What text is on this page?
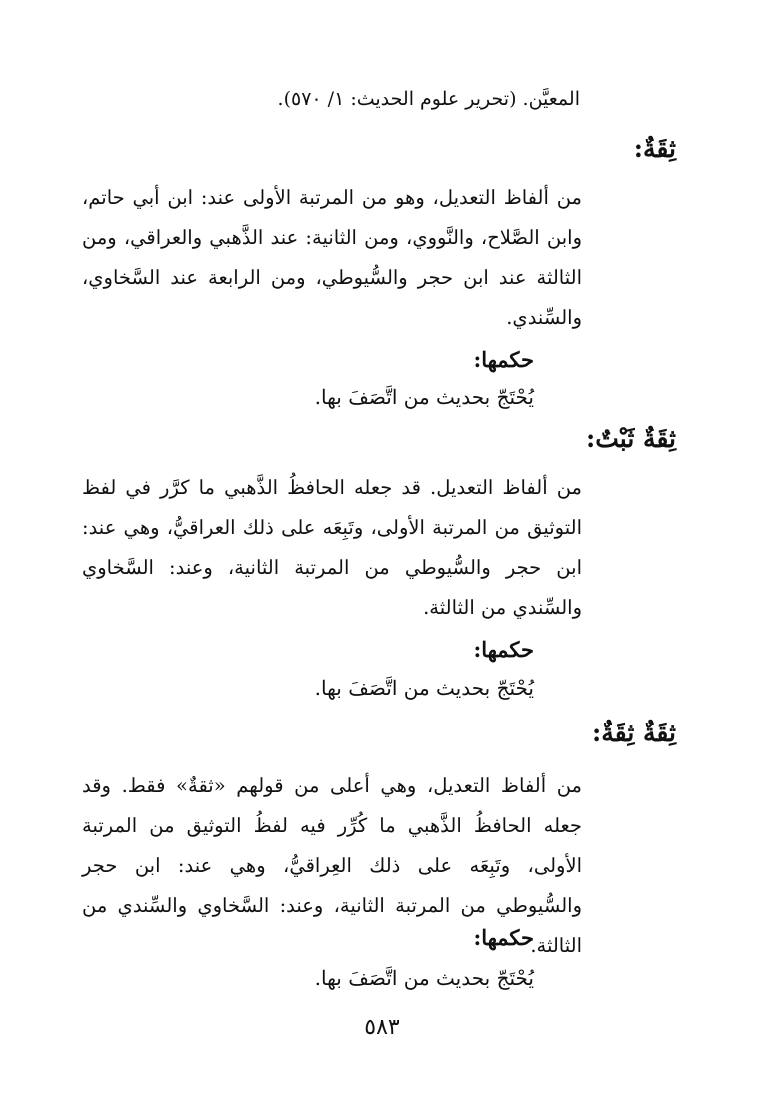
المعيَّن. (تحرير علوم الحديث: ١/ ٥٧٠).
ثِقَةٌ:
من ألفاظ التعديل، وهو من المرتبة الأولى عند: ابن أبي حاتم، وابن الصَّلاح، والنَّووي، ومن الثانية: عند الذَّهبي والعراقي، ومن الثالثة عند ابن حجر والسُّيوطي، ومن الرابعة عند السَّخاوي، والسِّندي.
حكمها:
يُحْتَجّ بحديث من اتَّصَفَ بها.
ثِقَةٌ ثَبْتٌ:
من ألفاظ التعديل. قد جعله الحافظُ الذَّهبي ما كرَّر في لفظ التوثيق من المرتبة الأولى، وتَبِعَه على ذلك العراقيُّ، وهي عند: ابن حجر والسُّيوطي من المرتبة الثانية، وعند: السَّخاوي والسِّندي من الثالثة.
حكمها:
يُحْتَجّ بحديث من اتَّصَفَ بها.
ثِقَةٌ ثِقَةٌ:
من ألفاظ التعديل، وهي أعلى من قولهم «ثقةٌ» فقط. وقد جعله الحافظُ الذَّهبي ما كُرِّر فيه لفظُ التوثيق من المرتبة الأولى، وتَبِعَه على ذلك العِراقيُّ، وهي عند: ابن حجر والسُّيوطي من المرتبة الثانية، وعند: السَّخاوي والسِّندي من الثالثة.
حكمها:
يُحْتَجّ بحديث من اتَّصَفَ بها.
٥٨٣
